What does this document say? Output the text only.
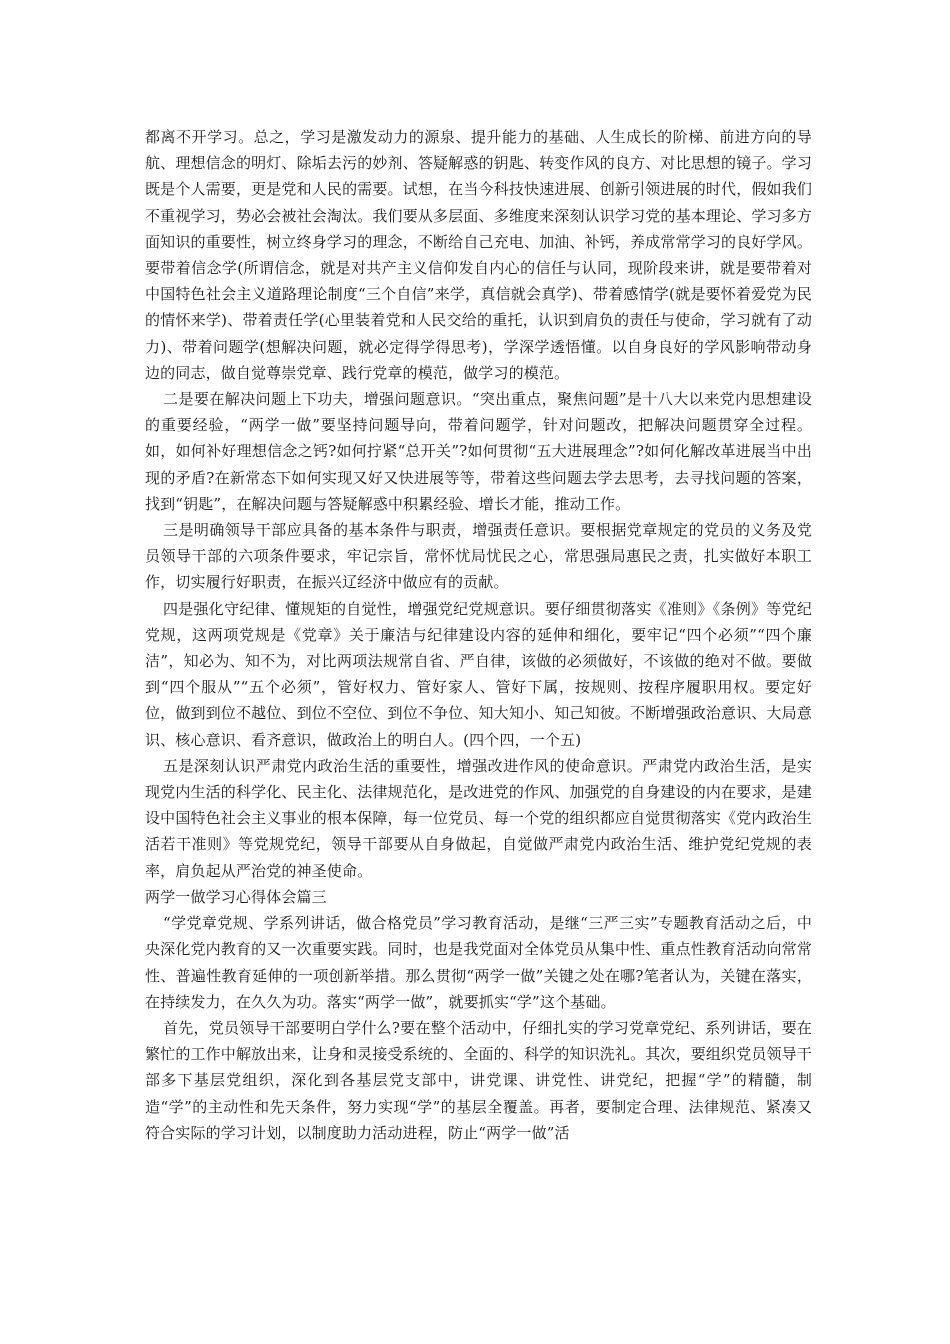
都离不开学习。总之，学习是激发动力的源泉、提升能力的基础、人生成长的阶梯、前进方向的导航、理想信念的明灯、除垢去污的妙剂、答疑解惑的钥匙、转变作风的良方、对比思想的镜子。学习既是个人需要，更是党和人民的需要。试想，在当今科技快速进展、创新引领进展的时代，假如我们不重视学习，势必会被社会淘汰。我们要从多层面、多维度来深刻认识学习党的基本理论、学习多方面知识的重要性，树立终身学习的理念，不断给自己充电、加油、补钙，养成常常学习的良好学风。要带着信念学(所谓信念，就是对共产主义信仰发自内心的信任与认同，现阶段来讲，就是要带着对中国特色社会主义道路理论制度“三个自信”来学，真信就会真学)、带着感情学(就是要怀着爱党为民的情怀来学)、带着责任学(心里装着党和人民交给的重托，认识到肩负的责任与使命，学习就有了动力)、带着问题学(想解决问题，就必定得学得思考)，学深学透悟懂。以自身良好的学风影响带动身边的同志，做自觉尊崇党章、践行党章的模范，做学习的模范。

二是要在解决问题上下功夫，增强问题意识。“突出重点，聚焦问题”是十八大以来党内思想建设的重要经验，“两学一做”要坚持问题导向，带着问题学，针对问题改，把解决问题贯穿全过程。如，如何补好理想信念之钙?如何拧紧“总开关”?如何贯彻“五大进展理念”?如何化解改革进展当中出现的矛盾?在新常态下如何实现又好又快进展等等，带着这些问题去学去思考，去寻找问题的答案，找到“钥匙”，在解决问题与答疑解惑中积累经验、增长才能，推动工作。

三是明确领导干部应具备的基本条件与职责，增强责任意识。要根据党章规定的党员的义务及党员领导干部的六项条件要求，牢记宗旨，常怀忧局忧民之心，常思强局惠民之责，扎实做好本职工作，切实履行好职责，在振兴辽经济中做应有的贡献。

四是强化守纪律、懂规矩的自觉性，增强党纪党规意识。要仔细贯彻落实《准则》《条例》等党纪党规，这两项党规是《党章》关于廉洁与纪律建设内容的延伸和细化，要牢记“四个必须”“四个廉洁”，知必为、知不为，对比两项法规常自省、严自律，该做的必须做好，不该做的绝对不做。要做到“四个服从”“五个必须”，管好权力、管好家人、管好下属，按规则、按程序履职用权。要定好位，做到到位不越位、到位不空位、到位不争位、知大知小、知己知彼。不断增强政治意识、大局意识、核心意识、看齐意识，做政治上的明白人。(四个四，一个五)

五是深刻认识严肃党内政治生活的重要性，增强改进作风的使命意识。严肃党内政治生活，是实现党内生活的科学化、民主化、法律规范化，是改进党的作风、加强党的自身建设的内在要求，是建设中国特色社会主义事业的根本保障，每一位党员、每一个党的组织都应自觉贯彻落实《党内政治生活若干准则》等党规党纪，领导干部要从自身做起，自觉做严肃党内政治生活、维护党纪党规的表率，肩负起从严治党的神圣使命。

两学一做学习心得体会篇三

“学党章党规、学系列讲话，做合格党员”学习教育活动，是继“三严三实”专题教育活动之后，中央深化党内教育的又一次重要实践。同时，也是我党面对全体党员从集中性、重点性教育活动向常常性、普遍性教育延伸的一项创新举措。那么贯彻“两学一做”关键之处在哪?笔者认为，关键在落实，在持续发力，在久久为功。落实“两学一做”，就要抓实“学”这个基础。

首先，党员领导干部要明白学什么?要在整个活动中，仔细扎实的学习党章党纪、系列讲话，要在繁忙的工作中解放出来，让身和灵接受系统的、全面的、科学的知识洗礼。其次，要组织党员领导干部多下基层党组织，深化到各基层党支部中，讲党课、讲党性、讲党纪，把握“学”的精髓，制造“学”的主动性和先天条件，努力实现“学”的基层全覆盖。再者，要制定合理、法律规范、紧凑又符合实际的学习计划，以制度助力活动进程，防止“两学一做”活
